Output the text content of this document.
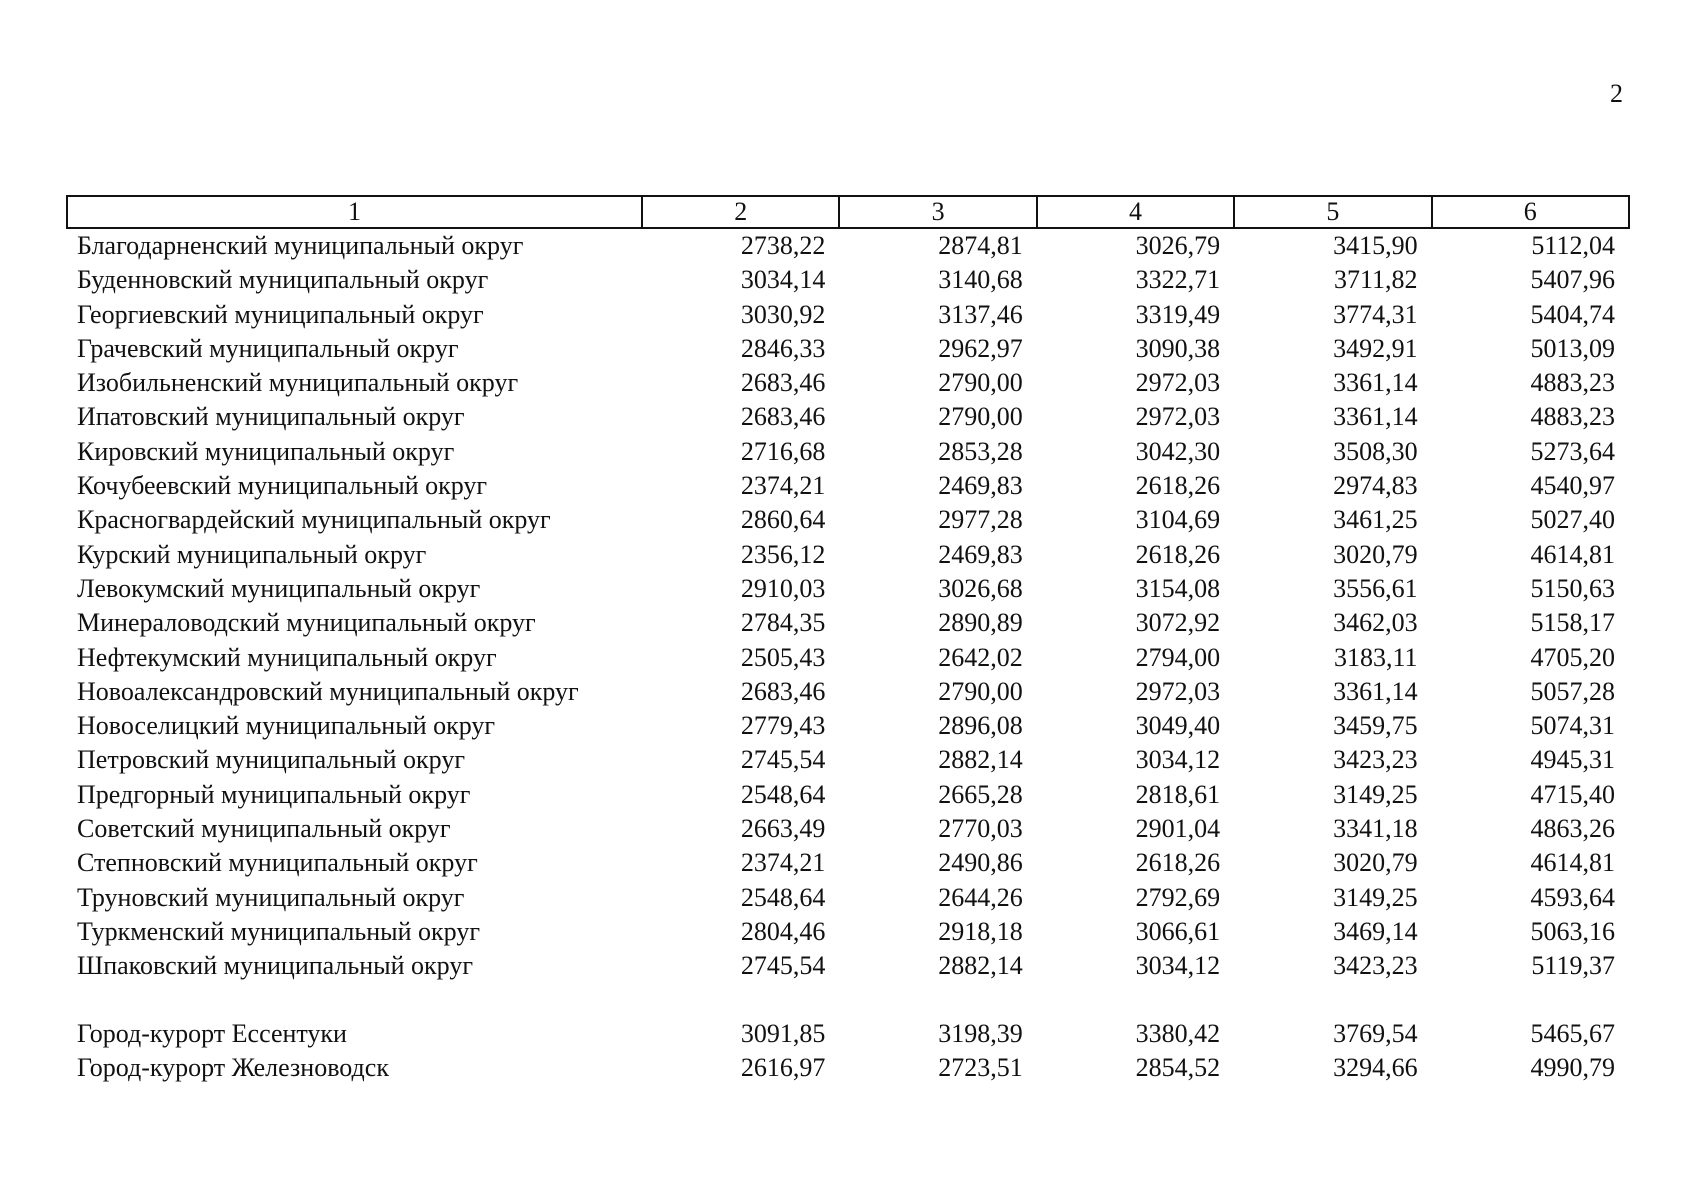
2
1	2	3	4	5	6
Благодарненский муниципальный округ	2738,22	2874,81	3026,79	3415,90	5112,04
Буденновский муниципальный округ	3034,14	3140,68	3322,71	3711,82	5407,96
Георгиевский муниципальный округ	3030,92	3137,46	3319,49	3774,31	5404,74
Грачевский муниципальный округ	2846,33	2962,97	3090,38	3492,91	5013,09
Изобильненский муниципальный округ	2683,46	2790,00	2972,03	3361,14	4883,23
Ипатовский муниципальный округ	2683,46	2790,00	2972,03	3361,14	4883,23
Кировский муниципальный округ	2716,68	2853,28	3042,30	3508,30	5273,64
Кочубеевский муниципальный округ	2374,21	2469,83	2618,26	2974,83	4540,97
Красногвардейский муниципальный округ	2860,64	2977,28	3104,69	3461,25	5027,40
Курский муниципальный округ	2356,12	2469,83	2618,26	3020,79	4614,81
Левокумский муниципальный округ	2910,03	3026,68	3154,08	3556,61	5150,63
Минераловодский муниципальный округ	2784,35	2890,89	3072,92	3462,03	5158,17
Нефтекумский муниципальный округ	2505,43	2642,02	2794,00	3183,11	4705,20
Новоалександровский муниципальный округ	2683,46	2790,00	2972,03	3361,14	5057,28
Новоселицкий муниципальный округ	2779,43	2896,08	3049,40	3459,75	5074,31
Петровский муниципальный округ	2745,54	2882,14	3034,12	3423,23	4945,31
Предгорный муниципальный округ	2548,64	2665,28	2818,61	3149,25	4715,40
Советский муниципальный округ	2663,49	2770,03	2901,04	3341,18	4863,26
Степновский муниципальный округ	2374,21	2490,86	2618,26	3020,79	4614,81
Труновский муниципальный округ	2548,64	2644,26	2792,69	3149,25	4593,64
Туркменский муниципальный округ	2804,46	2918,18	3066,61	3469,14	5063,16
Шпаковский муниципальный округ	2745,54	2882,14	3034,12	3423,23	5119,37

Город-курорт Ессентуки	3091,85	3198,39	3380,42	3769,54	5465,67
Город-курорт Железноводск	2616,97	2723,51	2854,52	3294,66	4990,79
